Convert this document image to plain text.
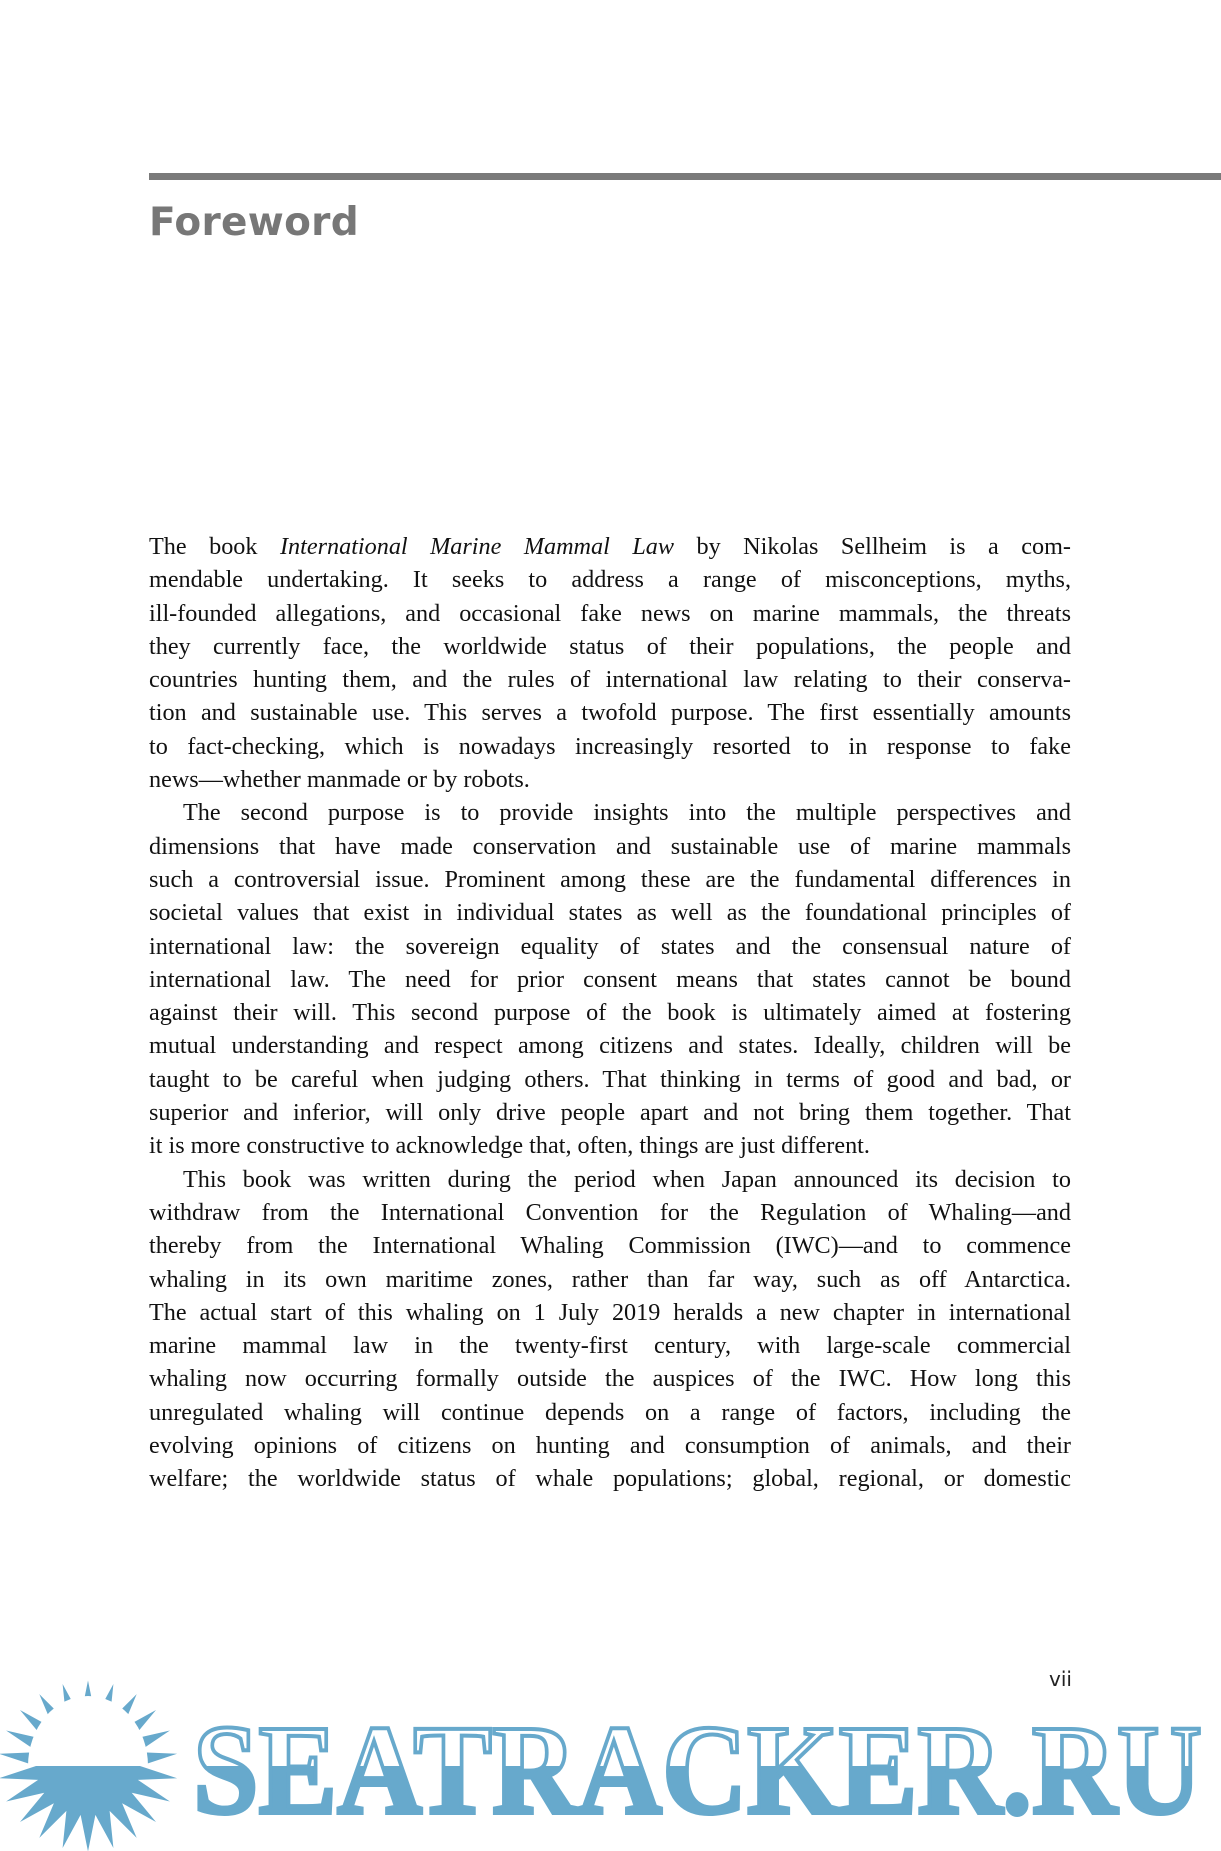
Foreword
The book International Marine Mammal Law by Nikolas Sellheim is a com-
mendable undertaking. It seeks to address a range of misconceptions, myths,
ill-founded allegations, and occasional fake news on marine mammals, the threats
they currently face, the worldwide status of their populations, the people and
countries hunting them, and the rules of international law relating to their conserva-
tion and sustainable use. This serves a twofold purpose. The first essentially amounts
to fact-checking, which is nowadays increasingly resorted to in response to fake
news—whether manmade or by robots.
The second purpose is to provide insights into the multiple perspectives and
dimensions that have made conservation and sustainable use of marine mammals
such a controversial issue. Prominent among these are the fundamental differences in
societal values that exist in individual states as well as the foundational principles of
international law: the sovereign equality of states and the consensual nature of
international law. The need for prior consent means that states cannot be bound
against their will. This second purpose of the book is ultimately aimed at fostering
mutual understanding and respect among citizens and states. Ideally, children will be
taught to be careful when judging others. That thinking in terms of good and bad, or
superior and inferior, will only drive people apart and not bring them together. That
it is more constructive to acknowledge that, often, things are just different.
This book was written during the period when Japan announced its decision to
withdraw from the International Convention for the Regulation of Whaling—and
thereby from the International Whaling Commission (IWC)—and to commence
whaling in its own maritime zones, rather than far way, such as off Antarctica.
The actual start of this whaling on 1 July 2019 heralds a new chapter in international
marine mammal law in the twenty-first century, with large-scale commercial
whaling now occurring formally outside the auspices of the IWC. How long this
unregulated whaling will continue depends on a range of factors, including the
evolving opinions of citizens on hunting and consumption of animals, and their
welfare; the worldwide status of whale populations; global, regional, or domestic
vii
SEATRACKER.RU
